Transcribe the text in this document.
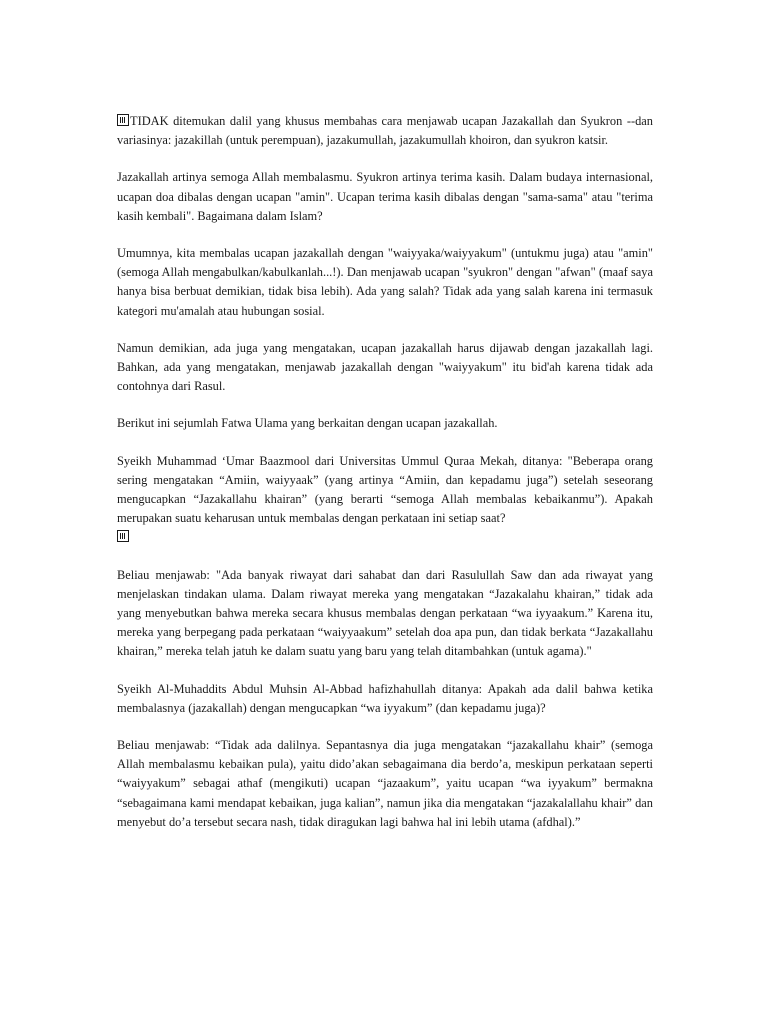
TIDAK ditemukan dalil yang khusus membahas cara menjawab ucapan Jazakallah dan Syukron --dan variasinya: jazakillah (untuk perempuan), jazakumullah, jazakumullah khoiron, dan syukron katsir.

Jazakallah artinya semoga Allah membalasmu. Syukron artinya terima kasih. Dalam budaya internasional, ucapan doa dibalas dengan ucapan "amin". Ucapan terima kasih dibalas dengan "sama-sama" atau "terima kasih kembali". Bagaimana dalam Islam?

Umumnya, kita membalas ucapan jazakallah dengan "waiyyaka/waiyyakum" (untukmu juga) atau "amin" (semoga Allah mengabulkan/kabulkanlah...!). Dan menjawab ucapan "syukron" dengan "afwan" (maaf saya hanya bisa berbuat demikian, tidak bisa lebih). Ada yang salah? Tidak ada yang salah karena ini termasuk kategori mu'amalah atau hubungan sosial.

Namun demikian, ada juga yang mengatakan, ucapan jazakallah harus dijawab dengan jazakallah lagi. Bahkan, ada yang mengatakan, menjawab jazakallah dengan "waiyyakum" itu bid'ah karena tidak ada contohnya dari Rasul.

Berikut ini sejumlah Fatwa Ulama yang berkaitan dengan ucapan jazakallah.

Syeikh Muhammad ‘Umar Baazmool dari Universitas Ummul Quraa Mekah, ditanya: "Beberapa orang sering mengatakan “Amiin, waiyyaak” (yang artinya “Amiin, dan kepadamu juga”) setelah seseorang mengucapkan “Jazakallahu khairan” (yang berarti “semoga Allah membalas kebaikanmu”). Apakah merupakan suatu keharusan untuk membalas dengan perkataan ini setiap saat?

Beliau menjawab: "Ada banyak riwayat dari sahabat dan dari Rasulullah Saw dan ada riwayat yang menjelaskan tindakan ulama. Dalam riwayat mereka yang mengatakan “Jazakalahu khairan,” tidak ada yang menyebutkan bahwa mereka secara khusus membalas dengan perkataan “wa iyyaakum.” Karena itu, mereka yang berpegang pada perkataan “waiyyaakum” setelah doa apa pun, dan tidak berkata “Jazakallahu khairan,” mereka telah jatuh ke dalam suatu yang baru yang telah ditambahkan (untuk agama)."

Syeikh Al-Muhaddits Abdul Muhsin Al-Abbad hafizhahullah ditanya: Apakah ada dalil bahwa ketika membalasnya (jazakallah) dengan mengucapkan “wa iyyakum” (dan kepadamu juga)?

Beliau menjawab: “Tidak ada dalilnya. Sepantasnya dia juga mengatakan “jazakallahu khair” (semoga Allah membalasmu kebaikan pula), yaitu dido’akan sebagaimana dia berdo’a, meskipun perkataan seperti “waiyyakum” sebagai athaf (mengikuti) ucapan “jazaakum”, yaitu ucapan “wa iyyakum” bermakna “sebagaimana kami mendapat kebaikan, juga kalian”, namun jika dia mengatakan “jazakalallahu khair” dan menyebut do’a tersebut secara nash, tidak diragukan lagi bahwa hal ini lebih utama (afdhal).”
